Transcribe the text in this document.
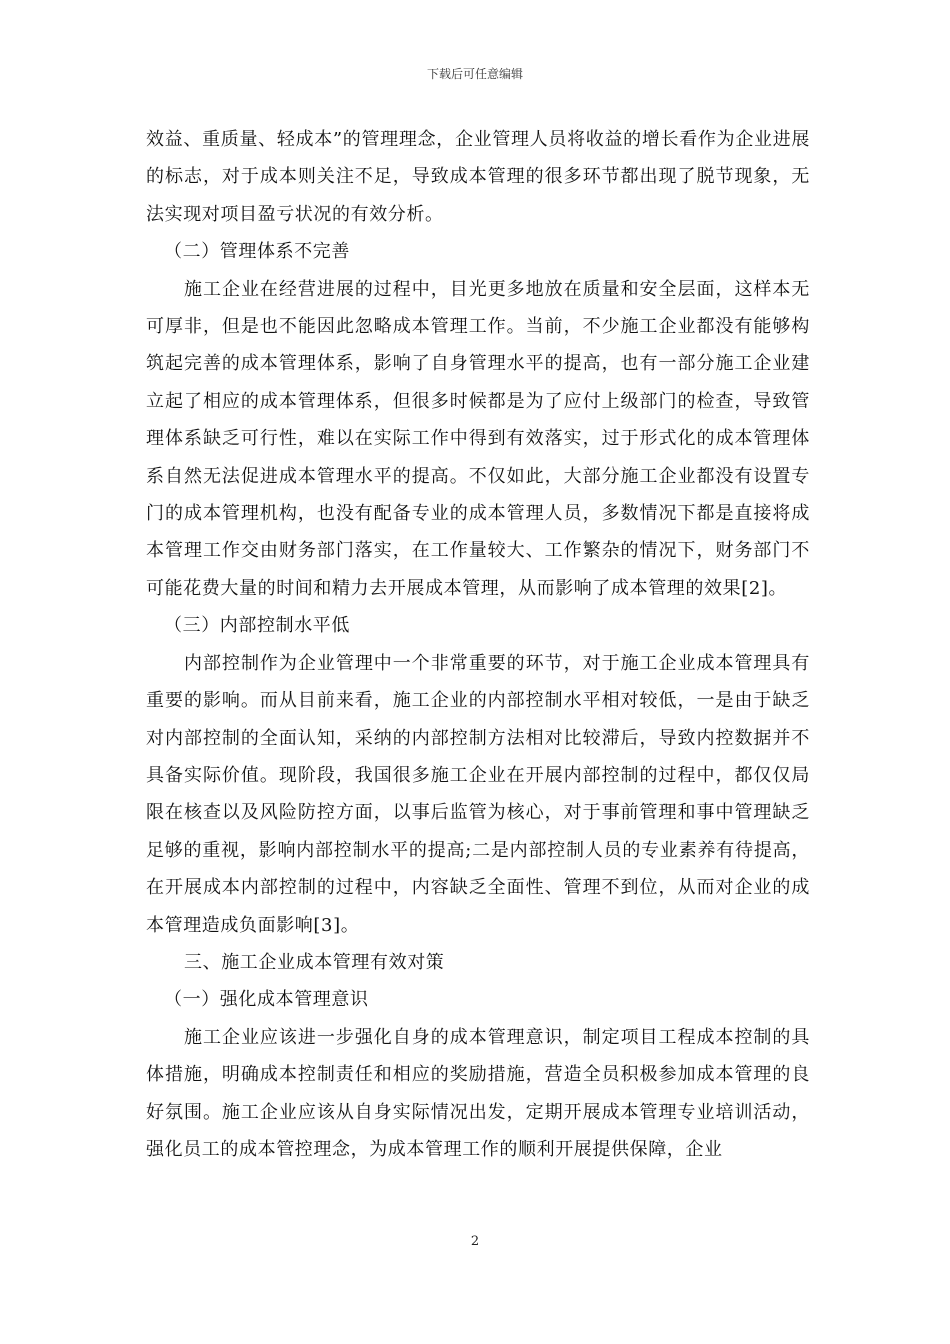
下载后可任意编辑

效益、重质量、轻成本”的管理理念，企业管理人员将收益的增长看作为企业进展的标志，对于成本则关注不足，导致成本管理的很多环节都出现了脱节现象，无法实现对项目盈亏状况的有效分析。

（二）管理体系不完善

施工企业在经营进展的过程中，目光更多地放在质量和安全层面，这样本无可厚非，但是也不能因此忽略成本管理工作。当前，不少施工企业都没有能够构筑起完善的成本管理体系，影响了自身管理水平的提高，也有一部分施工企业建立起了相应的成本管理体系，但很多时候都是为了应付上级部门的检查，导致管理体系缺乏可行性，难以在实际工作中得到有效落实，过于形式化的成本管理体系自然无法促进成本管理水平的提高。不仅如此，大部分施工企业都没有设置专门的成本管理机构，也没有配备专业的成本管理人员，多数情况下都是直接将成本管理工作交由财务部门落实，在工作量较大、工作繁杂的情况下，财务部门不可能花费大量的时间和精力去开展成本管理，从而影响了成本管理的效果[2]。

（三）内部控制水平低

内部控制作为企业管理中一个非常重要的环节，对于施工企业成本管理具有重要的影响。而从目前来看，施工企业的内部控制水平相对较低，一是由于缺乏对内部控制的全面认知，采纳的内部控制方法相对比较滞后，导致内控数据并不具备实际价值。现阶段，我国很多施工企业在开展内部控制的过程中，都仅仅局限在核查以及风险防控方面，以事后监管为核心，对于事前管理和事中管理缺乏足够的重视，影响内部控制水平的提高;二是内部控制人员的专业素养有待提高，在开展成本内部控制的过程中，内容缺乏全面性、管理不到位，从而对企业的成本管理造成负面影响[3]。

三、施工企业成本管理有效对策

（一）强化成本管理意识

施工企业应该进一步强化自身的成本管理意识，制定项目工程成本控制的具体措施，明确成本控制责任和相应的奖励措施，营造全员积极参加成本管理的良好氛围。施工企业应该从自身实际情况出发，定期开展成本管理专业培训活动，强化员工的成本管控理念，为成本管理工作的顺利开展提供保障，企业

2
